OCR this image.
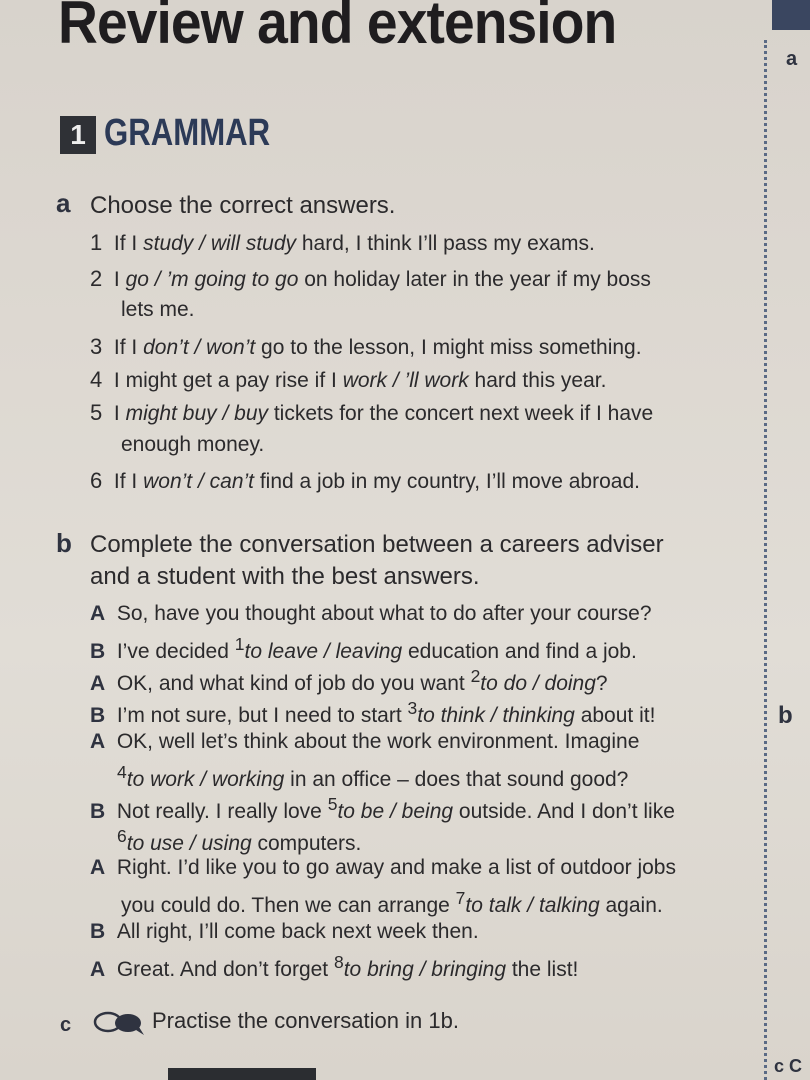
Review and extension
1 GRAMMAR
a Choose the correct answers.
1 If I study / will study hard, I think I’ll pass my exams.
2 I go / ’m going to go on holiday later in the year if my boss
lets me.
3 If I don’t / won’t go to the lesson, I might miss something.
4 I might get a pay rise if I work / ’ll work hard this year.
5 I might buy / buy tickets for the concert next week if I have
enough money.
6 If I won’t / can’t find a job in my country, I’ll move abroad.
b Complete the conversation between a careers adviser
and a student with the best answers.
A So, have you thought about what to do after your course?
B I’ve decided $^1$to leave / leaving education and find a job.
A OK, and what kind of job do you want $^2$to do / doing?
B I’m not sure, but I need to start $^3$to think / thinking about it!
A OK, well let’s think about the work environment. Imagine
$^4$to work / working in an office – does that sound good?
B Not really. I really love $^5$to be / being outside. And I don’t like
$^6$to use / using computers.
A Right. I’d like you to go away and make a list of outdoor jobs
you could do. Then we can arrange $^7$to talk / talking again.
B All right, I’ll come back next week then.
A Great. And don’t forget $^8$to bring / bringing the list!
c	Practise the conversation in 1b.
a
b
c C
